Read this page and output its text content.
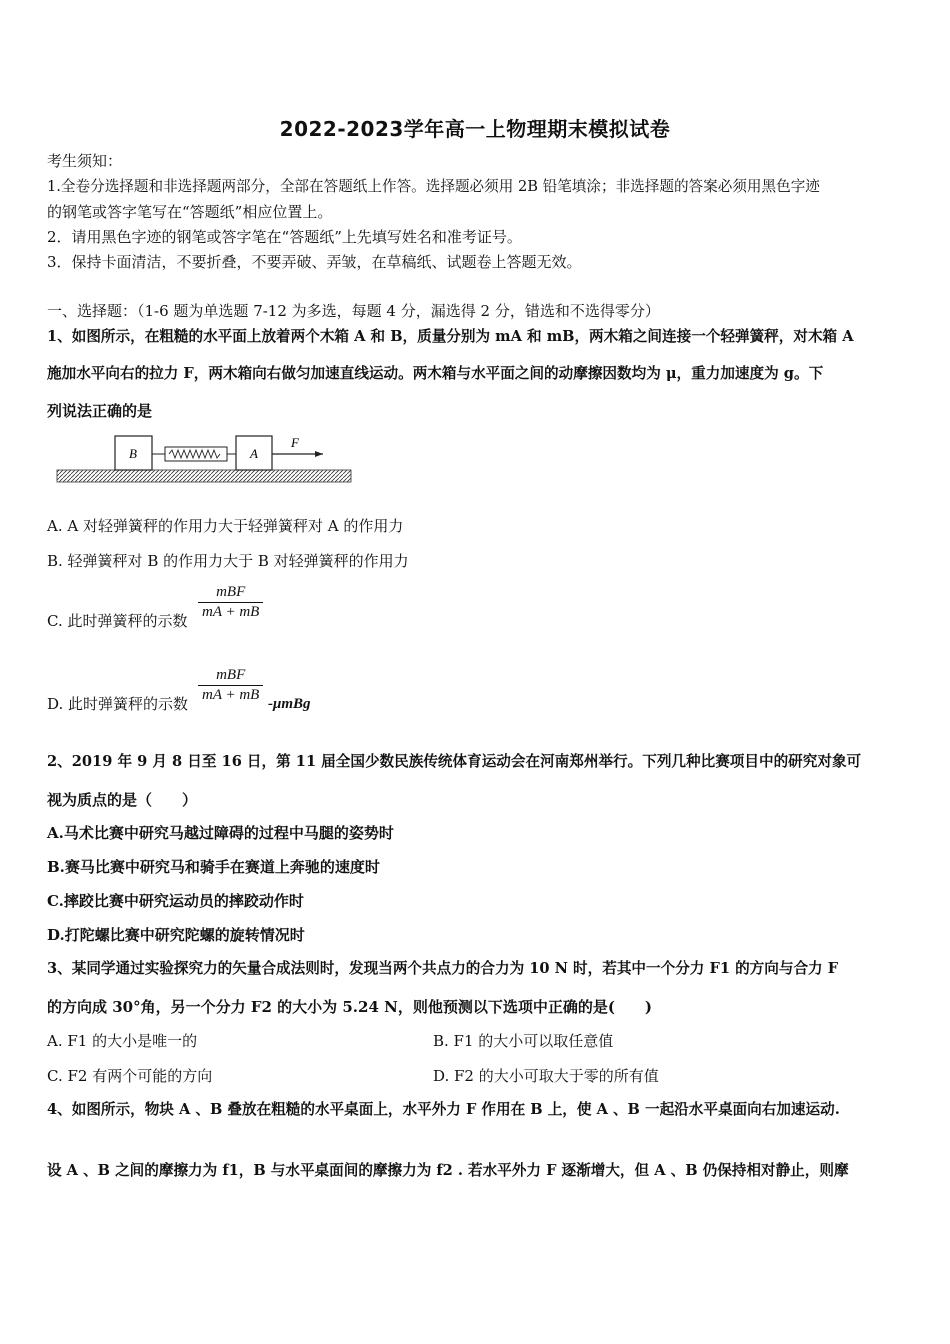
2022-2023学年高一上物理期末模拟试卷
考生须知：
1.全卷分选择题和非选择题两部分，全部在答题纸上作答。选择题必须用 2B 铅笔填涂；非选择题的答案必须用黑色字迹
的钢笔或答字笔写在“答题纸”相应位置上。
2．请用黑色字迹的钢笔或答字笔在“答题纸”上先填写姓名和准考证号。
3．保持卡面清洁，不要折叠，不要弄破、弄皱，在草稿纸、试题卷上答题无效。
一、选择题：（1-6 题为单选题 7-12 为多选，每题 4 分，漏选得 2 分，错选和不选得零分）
1、如图所示，在粗糙的水平面上放着两个木箱 A 和 B，质量分别为 mA 和 mB，两木箱之间连接一个轻弹簧秤，对木箱 A
施加水平向右的拉力 F，两木箱向右做匀加速直线运动。两木箱与水平面之间的动摩擦因数均为 μ，重力加速度为 g。下
列说法正确的是
B	A
F
A. A 对轻弹簧秤的作用力大于轻弹簧秤对 A 的作用力
B. 轻弹簧秤对 B 的作用力大于 B 对轻弹簧秤的作用力
C. 此时弹簧秤的示数
mBF
mA + mB
D. 此时弹簧秤的示数
mBF
mA + mB
-μmBg
2、2019 年 9 月 8 日至 16 日，第 11 届全国少数民族传统体育运动会在河南郑州举行。下列几种比赛项目中的研究对象可
视为质点的是（　　）
A.马术比赛中研究马越过障碍的过程中马腿的姿势时
B.赛马比赛中研究马和骑手在赛道上奔驰的速度时
C.摔跤比赛中研究运动员的摔跤动作时
D.打陀螺比赛中研究陀螺的旋转情况时
3、某同学通过实验探究力的矢量合成法则时，发现当两个共点力的合力为 10 N 时，若其中一个分力 F1 的方向与合力 F
的方向成 30°角，另一个分力 F2 的大小为 5.24 N，则他预测以下选项中正确的是(　　)
A. F1 的大小是唯一的	B. F1 的大小可以取任意值
C. F2 有两个可能的方向	D. F2 的大小可取大于零的所有值
4、如图所示，物块 A 、B 叠放在粗糙的水平桌面上，水平外力 F 作用在 B 上，使 A 、B 一起沿水平桌面向右加速运动.
设 A 、B 之间的摩擦力为 f1，B 与水平桌面间的摩擦力为 f2 . 若水平外力 F 逐渐增大，但 A 、B 仍保持相对静止，则摩
